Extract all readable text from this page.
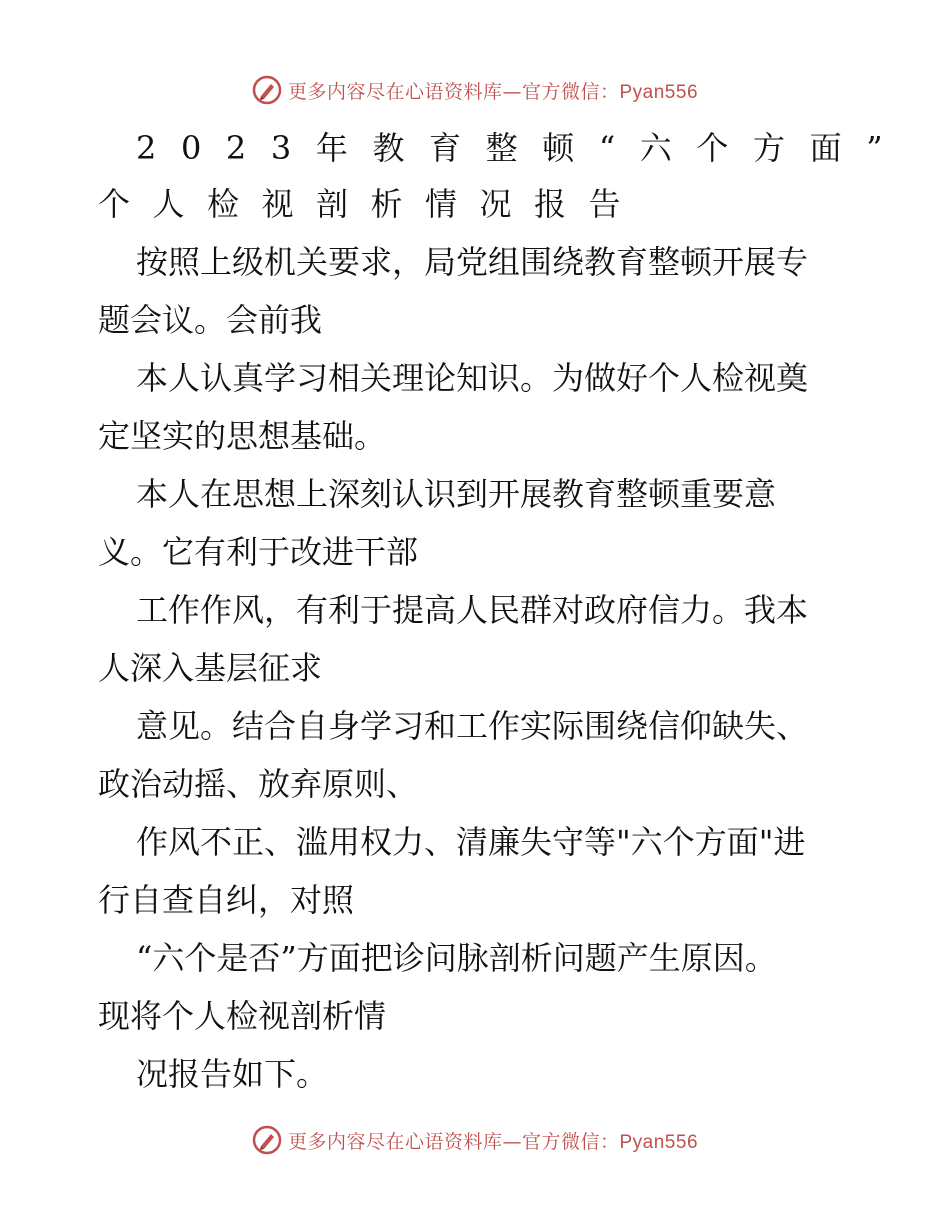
更多内容尽在心语资料库—官方微信：Pyan556
2023年教育整顿“六个方面”
个人检视剖析情况报告

按照上级机关要求，局党组围绕教育整顿开展专
题会议。会前我

本人认真学习相关理论知识。为做好个人检视奠
定坚实的思想基础。

本人在思想上深刻认识到开展教育整顿重要意
义。它有利于改进干部

工作作风，有利于提高人民群对政府信力。我本
人深入基层征求

意见。结合自身学习和工作实际围绕信仰缺失、
政治动摇、放弃原则、

作风不正、滥用权力、清廉失守等"六个方面"进
行自查自纠，对照

“六个是否”方面把诊问脉剖析问题产生原因。
现将个人检视剖析情

况报告如下。

更多内容尽在心语资料库—官方微信：Pyan556
